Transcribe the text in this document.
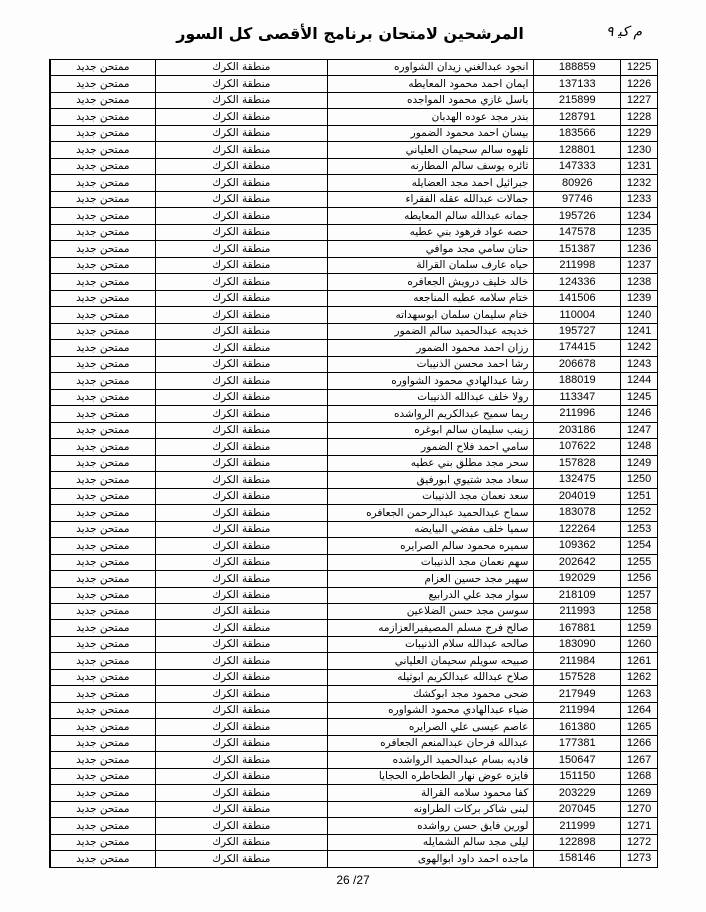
م ﻛﯿ ۹
المرشحين لامتحان برنامج الأقصى كل السور
1225
188859
انجود عبدالغني زيدان الشواوره
منطقة الكرك
ممتحن جديد
1226
137133
ايمان احمد محمود المعايطه
منطقة الكرك
ممتحن جديد
1227
215899
باسل غازي محمود المواجده
منطقة الكرك
ممتحن جديد
1228
128791
بندر مجد عوده الهدبان
منطقة الكرك
ممتحن جديد
1229
183566
بيسان احمد محمود الضمور
منطقة الكرك
ممتحن جديد
1230
128801
ثلهوه سالم سحيمان العلياني
منطقة الكرك
ممتحن جديد
1231
147333
ثائره يوسف سالم المطارنه
منطقة الكرك
ممتحن جديد
1232
80926
جبرائيل احمد مجد العضايله
منطقة الكرك
ممتحن جديد
1233
97746
جمالات عبدالله عقله الفقراء
منطقة الكرك
ممتحن جديد
1234
195726
جمانه عبدالله سالم المعايطه
منطقة الكرك
ممتحن جديد
1235
147578
حصه عواد فرهود بني عطيه
منطقة الكرك
ممتحن جديد
1236
151387
حنان سامي مجد موافي
منطقة الكرك
ممتحن جديد
1237
211998
حياه عارف سلمان القرالة
منطقة الكرك
ممتحن جديد
1238
124336
خالد خليف درويش الجعافره
منطقة الكرك
ممتحن جديد
1239
141506
ختام سلامه عطيه المناجعه
منطقة الكرك
ممتحن جديد
1240
110004
ختام سليمان سلمان ابوسهداته
منطقة الكرك
ممتحن جديد
1241
195727
خديجه عبدالحميد سالم الضمور
منطقة الكرك
ممتحن جديد
1242
174415
رزان احمد محمود الضمور
منطقة الكرك
ممتحن جديد
1243
206678
رشا احمد محسن الذنيبات
منطقة الكرك
ممتحن جديد
1244
188019
رشا عبدالهادي محمود الشواوره
منطقة الكرك
ممتحن جديد
1245
113347
رولا خلف عبدالله الذنيبات
منطقة الكرك
ممتحن جديد
1246
211996
ريما سميح عبدالكريم الرواشده
منطقة الكرك
ممتحن جديد
1247
203186
زينب سليمان سالم ابوغره
منطقة الكرك
ممتحن جديد
1248
107622
سامي احمد فلاح الضمور
منطقة الكرك
ممتحن جديد
1249
157828
سحر مجد مطلق بني عطيه
منطقة الكرك
ممتحن جديد
1250
132475
سعاد مجد شتيوي ابورفيق
منطقة الكرك
ممتحن جديد
1251
204019
سعد نعمان مجد الذنيبات
منطقة الكرك
ممتحن جديد
1252
183078
سماح عبدالحميد عبدالرحمن الجعافره
منطقة الكرك
ممتحن جديد
1253
122264
سميا خلف مفضي البيايضه
منطقة الكرك
ممتحن جديد
1254
109362
سميره محمود سالم الصرايره
منطقة الكرك
ممتحن جديد
1255
202642
سهم نعمان مجد الذنيبات
منطقة الكرك
ممتحن جديد
1256
192029
سهير مجد حسين العزام
منطقة الكرك
ممتحن جديد
1257
218109
سوار مجد علي الدرابيع
منطقة الكرك
ممتحن جديد
1258
211993
سوسن مجد حسن الضلاعين
منطقة الكرك
ممتحن جديد
1259
167881
صالح فرج مسلم المصيفيرالعزازمه
منطقة الكرك
ممتحن جديد
1260
183090
صالحه عبدالله سلام الذنيبات
منطقة الكرك
ممتحن جديد
1261
211984
صبيحه سويلم سحيمان العلياني
منطقة الكرك
ممتحن جديد
1262
157528
صلاح عبدالله عبدالكريم ابوثيله
منطقة الكرك
ممتحن جديد
1263
217949
ضحى محمود مجد ابوكشك
منطقة الكرك
ممتحن جديد
1264
211994
ضياء عبدالهادي محمود الشواوره
منطقة الكرك
ممتحن جديد
1265
161380
عاصم عيسى علي الصرايره
منطقة الكرك
ممتحن جديد
1266
177381
عبدالله فرحان عبدالمنعم الجعافره
منطقة الكرك
ممتحن جديد
1267
150647
فاديه بسام عبدالحميد الرواشده
منطقة الكرك
ممتحن جديد
1268
151150
فايزه عوض نهار الطحاطره الحجايا
منطقة الكرك
ممتحن جديد
1269
203229
كفا محمود سلامه القرالة
منطقة الكرك
ممتحن جديد
1270
207045
لبنى شاكر بركات الطراونه
منطقة الكرك
ممتحن جديد
1271
211999
لورين فايق حسن رواشده
منطقة الكرك
ممتحن جديد
1272
122898
ليلى مجد سالم الشمايله
منطقة الكرك
ممتحن جديد
1273
158146
ماجده احمد داود ابوالهوى
منطقة الكرك
ممتحن جديد
26 /27
